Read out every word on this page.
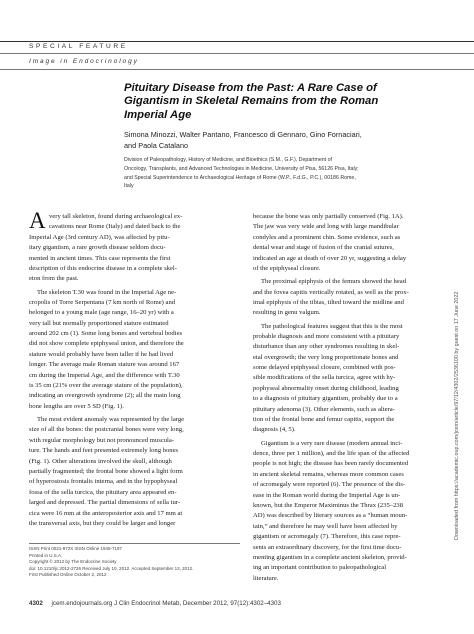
SPECIAL FEATURE
Image in Endocrinology
Pituitary Disease from the Past: A Rare Case of
Gigantism in Skeletal Remains from the Roman
Imperial Age
Simona Minozzi, Walter Pantano, Francesco di Gennaro, Gino Fornaciari,
and Paola Catalano
Division of Paleopathology, History of Medicine, and Bioethics (S.M., G.F.), Department of
Oncology, Transplants, and Advanced Technologies in Medicine, University of Pisa, 56126 Pisa, Italy;
and Special Superintendence to Archaeological Heritage of Rome (W.P., F.d.G., P.C.), 00186 Rome,
Italy
A very tall skeleton, found during archaeological ex-
cavations near Rome (Italy) and dated back to the
Imperial Age (3rd century AD), was affected by pitu-
itary gigantism, a rare growth disease seldom docu-
mented in ancient times. This case represents the first
description of this endocrine disease in a complete skel-
eton from the past.
The skeleton T.30 was found in the Imperial Age ne-
cropolis of Torre Serpentana (7 km north of Rome) and
belonged to a young male (age range, 16–20 yr) with a
very tall but normally proportioned stature estimated
around 202 cm (1). Some long bones and vertebral bodies
did not show complete epiphyseal union, and therefore the
stature would probably have been taller if he had lived
longer. The average male Roman stature was around 167
cm during the Imperial Age, and the difference with T.30
is 35 cm (21% over the average stature of the population),
indicating an overgrowth syndrome (2); all the main long
bone lengths are over 5 SD (Fig. 1).
The most evident anomaly was represented by the large
size of all the bones: the postcranial bones were very long,
with regular morphology but not pronounced muscula-
ture. The hands and feet presented extremely long bones
(Fig. 1). Other alterations involved the skull, although
partially fragmented; the frontal bone showed a light form
of hyperostosis frontalis interna, and in the hypophyseal
fossa of the sella turcica, the pituitary area appeared en-
larged and depressed. The partial dimensions of sella tur-
cica were 16 mm at the anteroposterior axis and 17 mm at
the transversal axis, but they could be larger and longer
because the bone was only partially conserved (Fig. 1A).
The jaw was very wide and long with large mandibular
condyles and a prominent chin. Some evidence, such as
dental wear and stage of fusion of the cranial sutures,
indicated an age at death of over 20 yr, suggesting a delay
of the epiphyseal closure.
The proximal epiphysis of the femurs showed the head
and the fovea capitis vertically rotated, as well as the prox-
imal epiphysis of the tibias, tilted toward the midline and
resulting in genu valgum.
The pathological features suggest that this is the most
probable diagnosis and more consistent with a pituitary
disturbance than any other syndromes resulting in skel-
etal overgrowth; the very long proportionate bones and
some delayed epiphyseal closure, combined with pos-
sible modifications of the sella turcica, agree with hy-
pophyseal abnormality onset during childhood, leading
to a diagnosis of pituitary gigantism, probably due to a
pituitary adenoma (3). Other elements, such as altera-
tion of the frontal bone and femur capitis, support the
diagnosis (4, 5).
Gigantism is a very rare disease (modern annual inci-
dence, three per 1 million), and the life span of the affected
people is not high; the disease has been rarely documented
in ancient skeletal remains, whereas more common cases
of acromegaly were reported (6). The presence of the dis-
ease in the Roman world during the Imperial Age is un-
known, but the Emperor Maximinus the Thrax (235–238
AD) was described by literary sources as a “human moun-
tain,” and therefore he may well have been affected by
gigantism or acromegaly (7). Therefore, this case repre-
sents an extraordinary discovery, for the first time docu-
menting gigantism in a complete ancient skeleton, provid-
ing an important contribution to paleopathological
literature.
ISSN Print 0021-972X ISSN Online 1945-7197
Printed in U.S.A.
Copyright © 2012 by The Endocrine Society
doi: 10.1210/jc.2012-2726 Received July 10, 2012. Accepted September 13, 2012.
First Published Online October 2, 2012
4302 jcem.endojournals.org J Clin Endocrinol Metab, December 2012, 97(12):4302–4303
Downloaded from https://academic.oup.com/jcem/article/97/12/4302/2536100 by guest on 17 June 2022
